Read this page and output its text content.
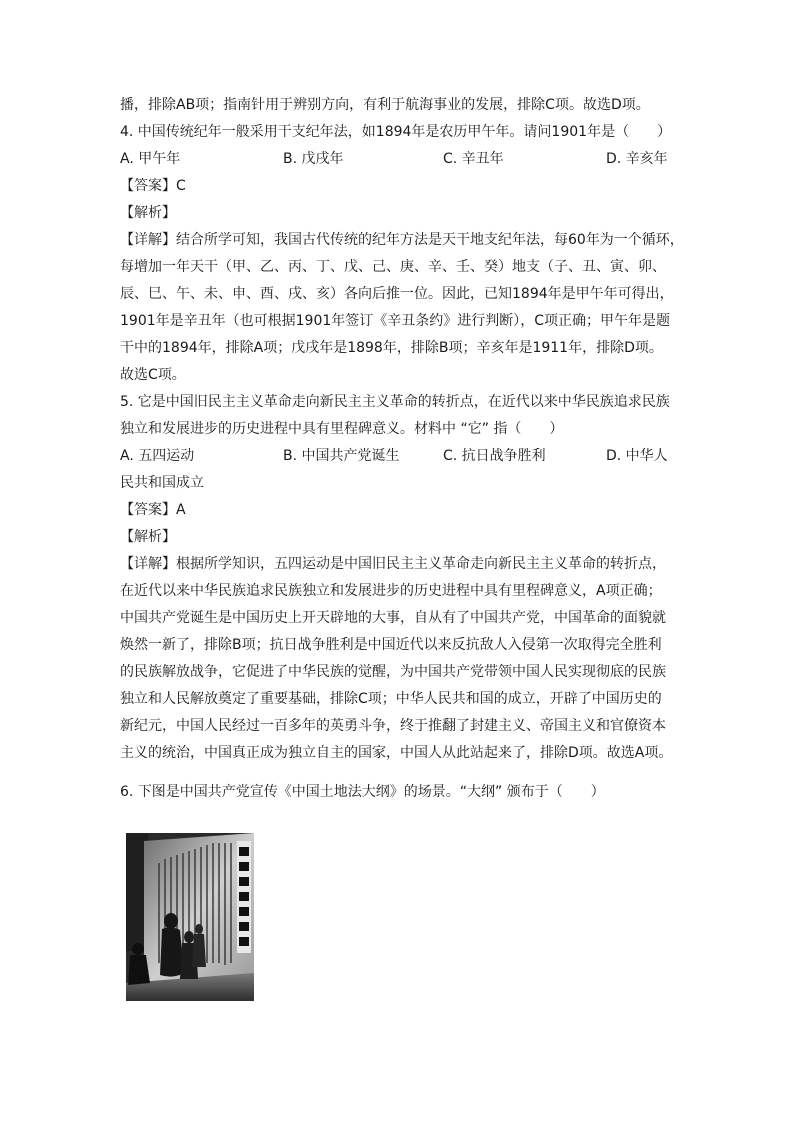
播，排除AB项；指南针用于辨别方向，有利于航海事业的发展，排除C项。故选D项。
4. 中国传统纪年一般采用干支纪年法，如1894年是农历甲午年。请问1901年是（　　）
A. 甲午年	B. 戊戌年	C. 辛丑年	D. 辛亥年
【答案】C
【解析】
【详解】结合所学可知，我国古代传统的纪年方法是天干地支纪年法，每60年为一个循环，
每增加一年天干（甲、乙、丙、丁、戊、己、庚、辛、壬、癸）地支（子、丑、寅、卯、
辰、巳、午、未、申、酉、戌、亥）各向后推一位。因此，已知1894年是甲午年可得出，
1901年是辛丑年（也可根据1901年签订《辛丑条约》进行判断），C项正确；甲午年是题
干中的1894年，排除A项；戊戌年是1898年，排除B项；辛亥年是1911年，排除D项。
故选C项。
5. 它是中国旧民主主义革命走向新民主主义革命的转折点，在近代以来中华民族追求民族
独立和发展进步的历史进程中具有里程碑意义。材料中 “它” 指（　　）
A. 五四运动	B. 中国共产党诞生	C. 抗日战争胜利	D. 中华人
民共和国成立
【答案】A
【解析】
【详解】根据所学知识，五四运动是中国旧民主主义革命走向新民主主义革命的转折点，
在近代以来中华民族追求民族独立和发展进步的历史进程中具有里程碑意义，A项正确；
中国共产党诞生是中国历史上开天辟地的大事，自从有了中国共产党，中国革命的面貌就
焕然一新了，排除B项；抗日战争胜利是中国近代以来反抗敌人入侵第一次取得完全胜利
的民族解放战争，它促进了中华民族的觉醒，为中国共产党带领中国人民实现彻底的民族
独立和人民解放奠定了重要基础，排除C项；中华人民共和国的成立，开辟了中国历史的
新纪元，中国人民经过一百多年的英勇斗争，终于推翻了封建主义、帝国主义和官僚资本
主义的统治，中国真正成为独立自主的国家，中国人从此站起来了，排除D项。故选A项。
6. 下图是中国共产党宣传《中国土地法大纲》的场景。“大纲” 颁布于（　　）
